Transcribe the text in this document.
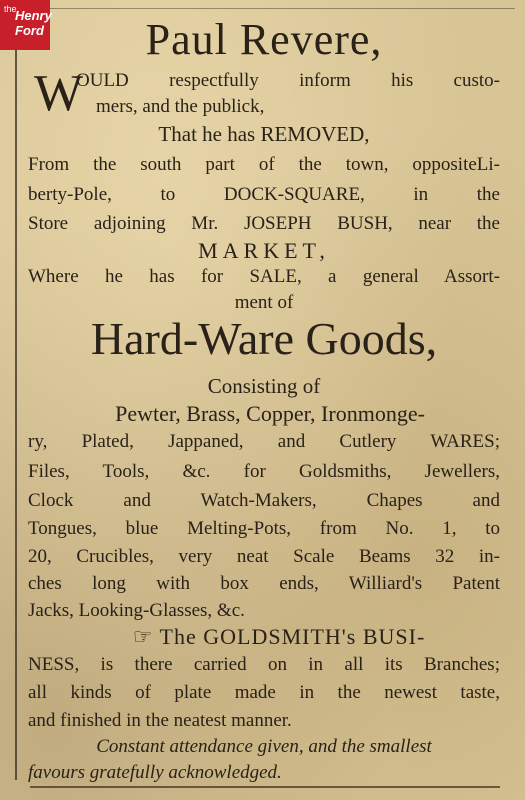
the
Henry
Ford	Paul Revere,
W
OULD respectfully inform his custo-
mers, and the publick,
That he has REMOVED,
From the south part of the town, oppositeLi-
berty-Pole, to DOCK-SQUARE, in the
Store adjoining Mr. JOSEPH BUSH, near the
MARKET,
Where he has for SALE, a general Assort-
ment of
Hard-Ware Goods,
Consisting of
Pewter, Brass, Copper, Ironmonge-
ry, Plated, Jappaned, and Cutlery WARES;
Files, Tools, &c. for Goldsmiths, Jewellers,
Clock and Watch-Makers, Chapes and
Tongues, blue Melting-Pots, from No. 1, to
20, Crucibles, very neat Scale Beams 32 in-
ches long with box ends, Williard's Patent
Jacks, Looking-Glasses, &c.
☞ The GOLDSMITH's BUSI-
NESS, is there carried on in all its Branches;
all kinds of plate made in the newest taste,
and finished in the neatest manner.
Constant attendance given, and the smallest
favours gratefully acknowledged.
